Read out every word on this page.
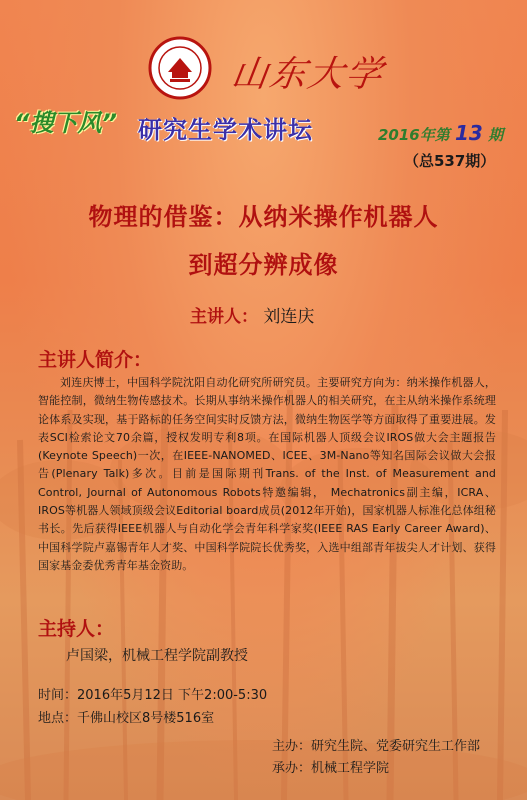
山东大学
“搜下风” 研究生学术讲坛	2016年第 13 期
（总537期）
物理的借鉴：从纳米操作机器人
到超分辨成像
主讲人： 刘连庆
主讲人简介：
刘连庆博士，中国科学院沈阳自动化研究所研究员。主要研究方向为：纳米操作机器人，智能控制，微纳生物传感技术。长期从事纳米操作机器人的相关研究，在主从纳米操作系统理论体系及实现，基于路标的任务空间实时反馈方法，微纳生物医学等方面取得了重要进展。发表SCI检索论文70余篇，授权发明专利8项。在国际机器人顶级会议IROS做大会主题报告(Keynote Speech)一次，在IEEE-NANOMED、ICEE、3M-Nano等知名国际会议做大会报告(Plenary Talk)多次。目前是国际期刊Trans. of the Inst. of Measurement and Control, Journal of Autonomous Robots特邀编辑， Mechatronics副主编，ICRA、IROS等机器人领域顶级会议Editorial board成员(2012年开始)，国家机器人标准化总体组秘书长。先后获得IEEE机器人与自动化学会青年科学家奖(IEEE RAS Early Career Award)、中国科学院卢嘉锡青年人才奖、中国科学院院长优秀奖，入选中组部青年拔尖人才计划、获得国家基金委优秀青年基金资助。
主持人：
卢国梁，机械工程学院副教授
时间：2016年5月12日 下午2:00-5:30
地点：千佛山校区8号楼516室
主办：研究生院、党委研究生工作部
承办：机械工程学院
